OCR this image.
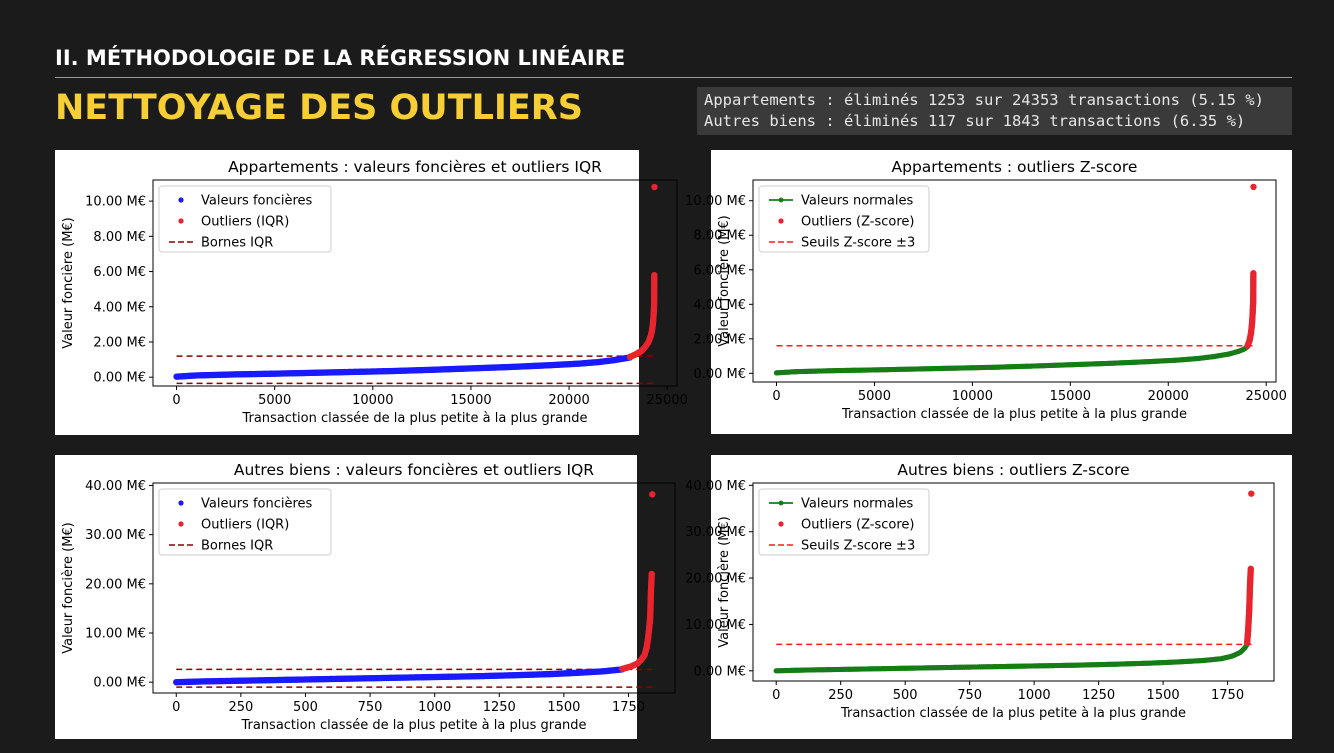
II. MÉTHODOLOGIE DE LA RÉGRESSION LINÉAIRE
NETTOYAGE DES OUTLIERS	Appartements : éliminés 1253 sur 24353 transactions (5.15 %)
Autres biens : éliminés 117 sur 1843 transactions (6.35 %)
Appartements : valeurs foncières et outliers IQR
0	5000	10000	15000	20000	25000
0.00 M€
2.00 M€
4.00 M€
6.00 M€
8.00 M€
10.00 M€
Transaction classée de la plus petite à la plus grande
Valeur foncière (M€)
Valeurs foncières
Outliers (IQR)
Bornes IQR
Appartements : outliers Z-score
0	5000	10000	15000	20000	25000
0.00 M€
2.00 M€
4.00 M€
6.00 M€
8.00 M€
10.00 M€
Transaction classée de la plus petite à la plus grande
Valeur foncière (M€)
Valeurs normales
Outliers (Z-score)
Seuils Z-score ±3
Autres biens : valeurs foncières et outliers IQR
0	250	500	750	1000 1250 1500 1750
0.00 M€
10.00 M€
20.00 M€
30.00 M€
40.00 M€
Transaction classée de la plus petite à la plus grande
Valeur foncière (M€)
Valeurs foncières
Outliers (IQR)
Bornes IQR
Autres biens : outliers Z-score
0	250	500	750	1000 1250 1500 1750
0.00 M€
10.00 M€
20.00 M€
30.00 M€
40.00 M€
Transaction classée de la plus petite à la plus grande
Valeur foncière (M€)
Valeurs normales
Outliers (Z-score)
Seuils Z-score ±3
